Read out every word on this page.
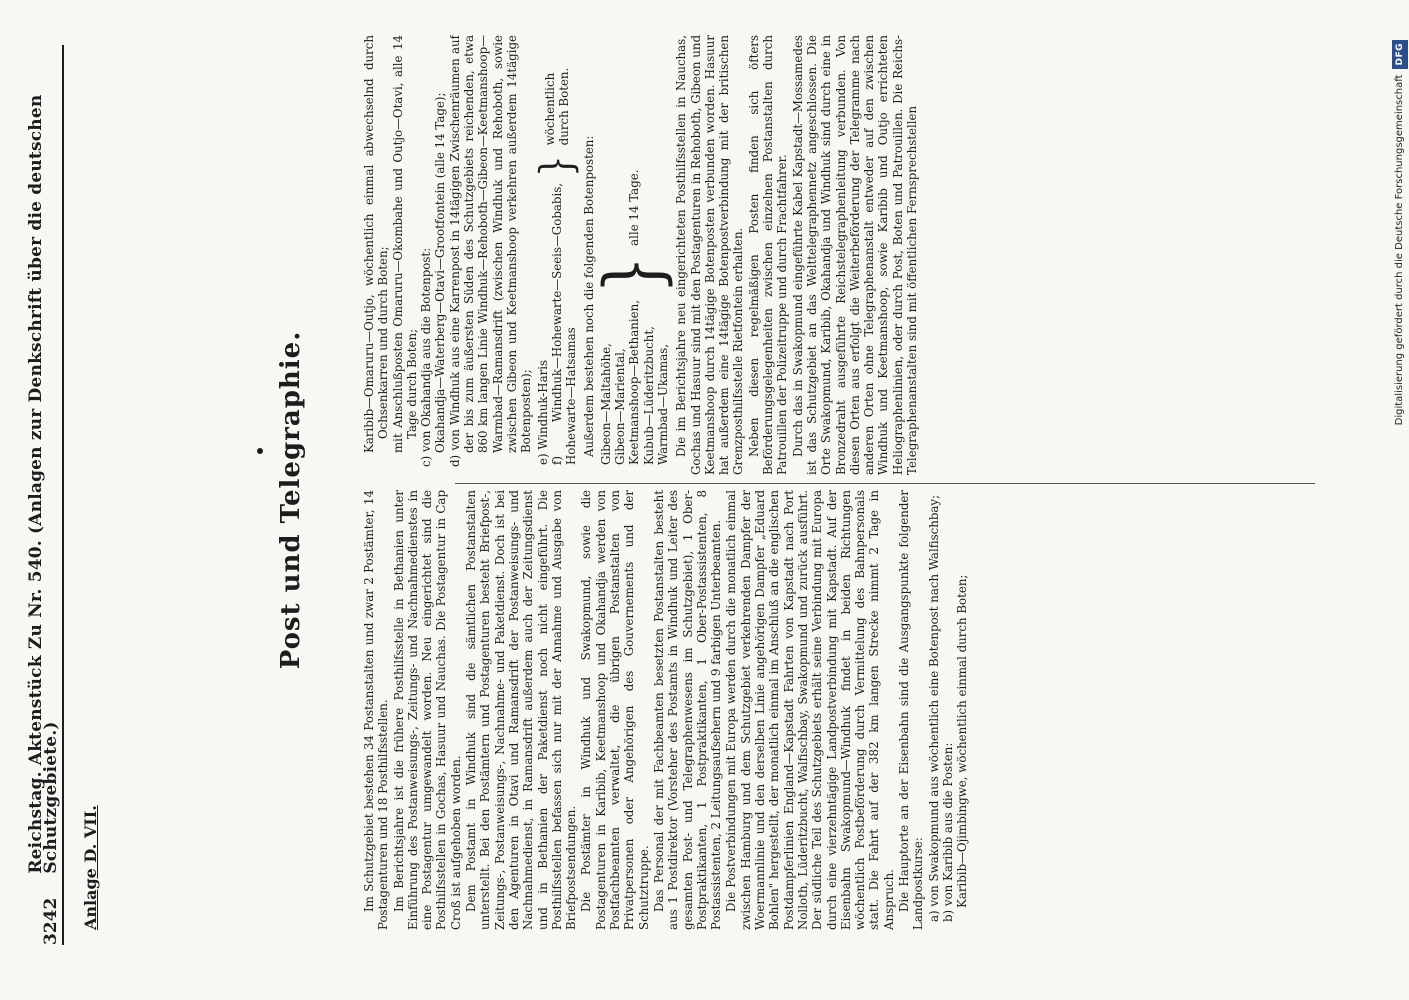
3242
Reichstag. Aktenstück Zu Nr. 540. (Anlagen zur Denkschrift über die deutschen Schutzgebiete.) Anlage D. VII.
Post und Telegraphie.	Im Schutzgebiet bestehen 34 Postanstalten und zwar 2 Postämter, 14 Postagenturen und 18 Posthilfsstellen. Im Berichtsjahre ist die frühere Posthilfsstelle in Bethanien unter Einführung des Postanweisungs-, Zeitungs- und Nachnahmedienstes in eine Postagentur umgewandelt worden. Neu eingerichtet sind die Posthilfsstellen in Gochas, Hasuur und Nauchas. Die Postagentur in Cap Croß ist aufgehoben worden. Dem Postamt in Windhuk sind die sämtlichen Postanstalten unterstellt. Bei den Postämtern und Postagenturen besteht Briefpost-, Zeitungs-, Postanweisungs-, Nachnahme- und Paketdienst. Doch ist bei den Agenturen in Otavi und Ramansdrift der Postanweisungs- und Nachnahmedienst, in Ramansdrift außerdem auch der Zeitungsdienst und in Bethanien der Paketdienst noch nicht eingeführt. Die Posthilfsstellen befassen sich nur mit der Annahme und Ausgabe von Briefpostsendungen. Die Postämter in Windhuk und Swakopmund, sowie die Postagenturen in Karibib, Keetmanshoop und Okahandja werden von Postfachbeamten verwaltet, die übrigen Postanstalten von Privatpersonen oder Angehörigen des Gouvernements und der Schutztruppe. Das Personal der mit Fachbeamten besetzten Postanstalten besteht aus 1 Postdirektor (Vorsteher des Postamts in Windhuk und Leiter des gesamten Post- und Telegraphenwesens im Schutzgebiet), 1 Ober-Postpraktikanten, 1 Postpraktikanten, 1 Ober-Postassistenten, 8 Postassistenten, 2 Leitungsaufsehern und 9 farbigen Unterbeamten. Die Postverbindungen mit Europa werden durch die monatlich einmal zwischen Hamburg und dem Schutzgebiet verkehrenden Dampfer der Woermannlinie und den derselben Linie angehörigen Dampfer „Eduard Bohlen" hergestellt, der monatlich einmal im Anschluß an die englischen Postdampferlinien England—Kapstadt Fahrten von Kapstadt nach Port Nolloth, Lüderitzbucht, Walfischbay, Swakopmund und zurück ausführt. Der südliche Teil des Schutzgebiets erhält seine Verbindung mit Europa durch eine vierzehntägige Landpostverbindung mit Kapstadt. Auf der Eisenbahn Swakopmund—Windhuk findet in beiden Richtungen wöchentlich Postbeförderung durch Vermittelung des Bahnpersonals statt. Die Fahrt auf der 382 km langen Strecke nimmt 2 Tage in Anspruch. Die Hauptorte an der Eisenbahn sind die Ausgangspunkte folgender Landpostkurse: a) von Swakopmund aus wöchentlich eine Botenpost nach Walfischbay; b) von Karibib aus die Posten: Karibib—Ojimbingwe, wöchentlich einmal durch Boten;
Karibib—Omaruru—Outjo, wöchentlich einmal abwechselnd durch Ochsenkarren und durch Boten; mit Anschlußposten Omaruru—Okombahe und Outjo—Otavi, alle 14 Tage durch Boten; c) von Okahandja aus die Botenpost: Okahandja—Waterberg—Otavi—Grootfontein (alle 14 Tage); d) von Windhuk aus eine Karrenpost in 14tägigen Zwischenräumen auf der bis zum äußersten Süden des Schutzgebiets reichenden, etwa 860 km langen Linie Windhuk—Rehoboth—Gibeon—Keetmanshoop—Warmbad—Ramansdrift (zwischen Windhuk und Rehoboth, sowie zwischen Gibeon und Keetmanshoop verkehren außerdem 14tägige Botenposten); e) Windhuk-Haris f) Windhuk—Hohewarte—Seeis—Gobabis, Hohewarte—Hatsamas
}
wöchentlich durch Boten.

Außerdem bestehen noch die folgenden Botenposten: Gibeon—Maltahöhe, Gibeon—Mariental, Keetmanshoop—Bethanien, Kubub—Lüderitzbucht, Warmbad—Ukamas,
}
alle 14 Tage.	Die im Berichtsjahre neu eingerichteten Posthilfsstellen in Nauchas, Gochas und Hasuur sind mit den Postagenturen in Rehoboth, Gibeon und Keetmanshoop durch 14tägige Botenposten verbunden worden. Hasuur hat außerdem eine 14tägige Botenpostverbindung mit der britischen Grenzposthilfsstelle Rietfontein erhalten. Neben diesen regelmäßigen Posten finden sich öfters Beförderungsgelegenheiten zwischen einzelnen Postanstalten durch Patrouillen der Polizeitruppe und durch Frachtfahrer. Durch das in Swakopmund eingeführte Kabel Kapstadt—Mossamedes ist das Schutzgebiet an das Welttelegraphennetz angeschlossen. Die Orte Swakopmund, Karibib, Okahandja und Windhuk sind durch eine in Bronzedraht ausgeführte Reichstelegraphenleitung verbunden. Von diesen Orten aus erfolgt die Weiterbeförderung der Telegramme nach anderen Orten ohne Telegraphenanstalt entweder auf den zwischen Windhuk und Keetmanshoop, sowie Karibib und Outjo errichteten Heliographenlinien, oder durch Post, Boten und Patrouillen. Die Reichs-Telegraphenanstalten sind mit öffentlichen Fernsprechstellen	Digitalisierung gefördert durch die Deutsche Forschungsgemeinschaft
DFG
